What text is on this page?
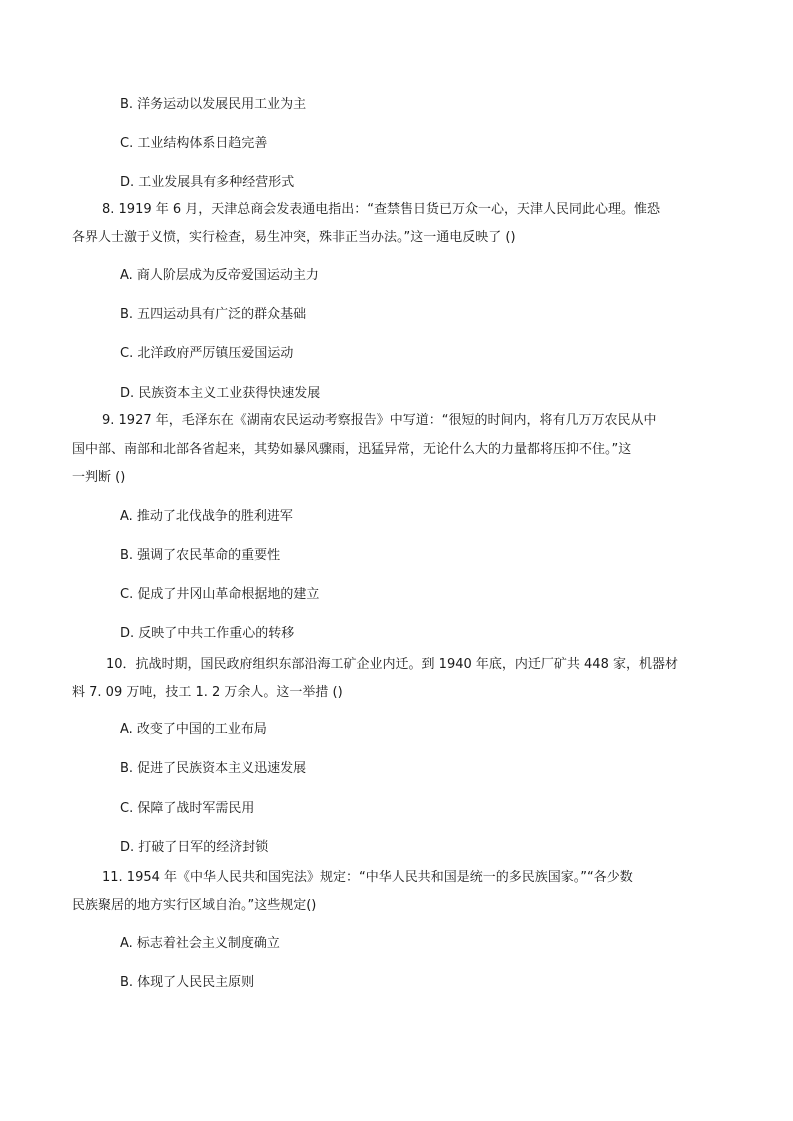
B. 洋务运动以发展民用工业为主
C. 工业结构体系日趋完善
D. 工业发展具有多种经营形式
8. 1919 年 6 月，天津总商会发表通电指出：“查禁售日货已万众一心，天津人民同此心理。惟恐
各界人士激于义愤，实行检查，易生冲突，殊非正当办法。”这一通电反映了 ()
A. 商人阶层成为反帝爱国运动主力
B. 五四运动具有广泛的群众基础
C. 北洋政府严厉镇压爱国运动
D. 民族资本主义工业获得快速发展
9. 1927 年，毛泽东在《湖南农民运动考察报告》中写道：“很短的时间内，将有几万万农民从中
国中部、南部和北部各省起来，其势如暴风骤雨，迅猛异常，无论什么大的力量都将压抑不住。”这
一判断 ()
A. 推动了北伐战争的胜利进军
B. 强调了农民革命的重要性
C. 促成了井冈山革命根据地的建立
D. 反映了中共工作重心的转移
10．抗战时期，国民政府组织东部沿海工矿企业内迁。到 1940 年底，内迁厂矿共 448 家，机器材
料 7. 09 万吨，技工 1. 2 万余人。这一举措 ()
A. 改变了中国的工业布局
B. 促进了民族资本主义迅速发展
C. 保障了战时军需民用
D. 打破了日军的经济封锁
11. 1954 年《中华人民共和国宪法》规定：“中华人民共和国是统一的多民族国家。”“各少数
民族聚居的地方实行区域自治。”这些规定()
A. 标志着社会主义制度确立
B. 体现了人民民主原则
